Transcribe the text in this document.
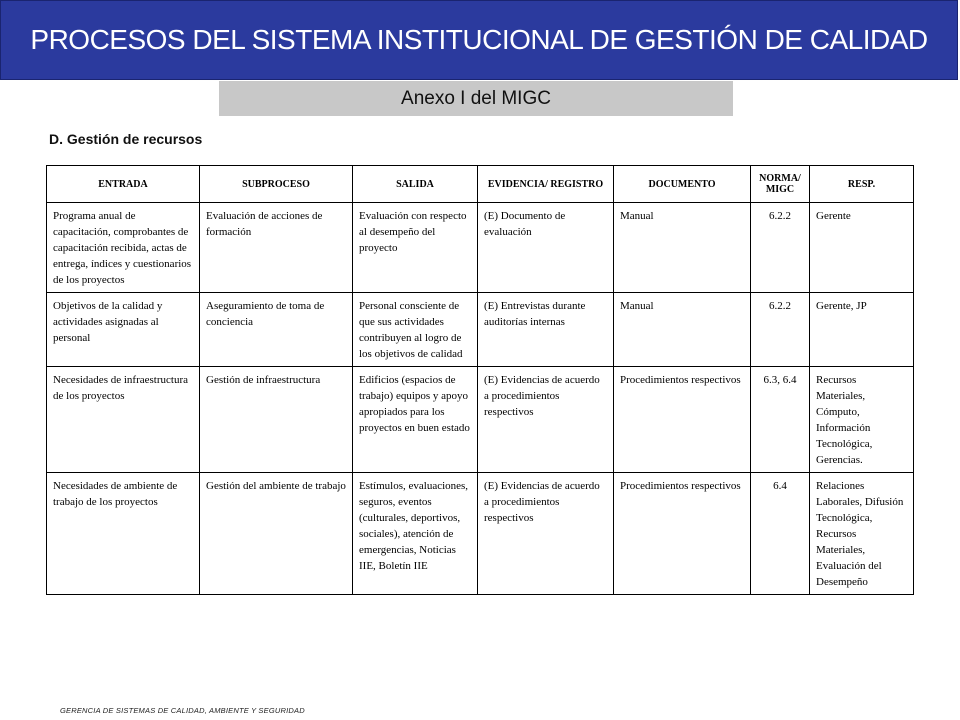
PROCESOS DEL SISTEMA INSTITUCIONAL DE GESTIÓN DE CALIDAD
Anexo I del MIGC
D. Gestión de recursos
ENTRADA	SUBPROCESO	SALIDA	EVIDENCIA/ REGISTRO	DOCUMENTO	NORMA/ MIGC	RESP.
Programa anual de capacitación, comprobantes de capacitación recibida, actas de entrega, índices y cuestionarios de los proyectos	Evaluación de acciones de formación	Evaluación con respecto al desempeño del proyecto	(E) Documento de evaluación	Manual	6.2.2	Gerente
Objetivos de la calidad y actividades asignadas al personal	Aseguramiento de toma de conciencia	Personal consciente de que sus actividades contribuyen al logro de los objetivos de calidad	(E) Entrevistas durante auditorías internas	Manual	6.2.2	Gerente, JP
Necesidades de infraestructura de los proyectos	Gestión de infraestructura	Edificios (espacios de trabajo) equipos y apoyo apropiados para los proyectos en buen estado	(E) Evidencias de acuerdo a procedimientos respectivos	Procedimientos respectivos	6.3, 6.4	Recursos Materiales, Cómputo, Información Tecnológica, Gerencias.
Necesidades de ambiente de trabajo de los proyectos	Gestión del ambiente de trabajo	Estímulos, evaluaciones, seguros, eventos (culturales, deportivos, sociales), atención de emergencias, Noticias IIE, Boletín IIE	(E) Evidencias de acuerdo a procedimientos respectivos	Procedimientos respectivos	6.4	Relaciones Laborales, Difusión Tecnológica, Recursos Materiales, Evaluación del Desempeño
GERENCIA DE SISTEMAS DE CALIDAD, AMBIENTE Y SEGURIDAD
